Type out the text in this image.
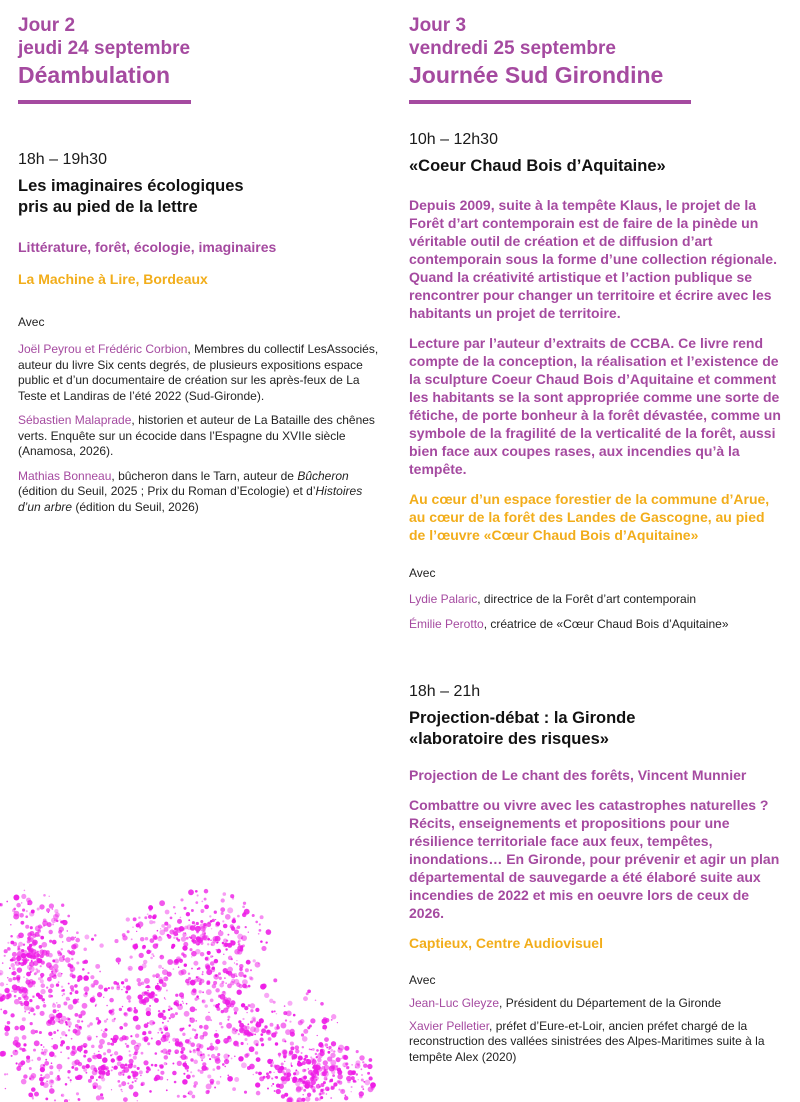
Jour 2
jeudi 24 septembre
Déambulation
18h – 19h30
Les imaginaires écologiques
pris au pied de la lettre
Littérature, forêt, écologie, imaginaires
La Machine à Lire, Bordeaux
Avec
Joël Peyrou et Frédéric Corbion, Membres du collectif LesAssociés, auteur du livre Six cents degrés, de plusieurs expositions espace public et d’un documentaire de création sur les après-feux de La Teste et Landiras de l’été 2022 (Sud-Gironde).
Sébastien Malaprade, historien et auteur de La Bataille des chênes verts. Enquête sur un écocide dans l’Espagne du XVIIe siècle (Anamosa, 2026).
Mathias Bonneau, bûcheron dans le Tarn, auteur de Bûcheron (édition du Seuil, 2025 ; Prix du Roman d’Ecologie) et d’Histoires d’un arbre (édition du Seuil, 2026)
Jour 3
vendredi 25 septembre
Journée Sud Girondine
10h – 12h30
«Coeur Chaud Bois d’Aquitaine»
Depuis 2009, suite à la tempête Klaus, le projet de la Forêt d’art contemporain est de faire de la pinède un véritable outil de création et de diffusion d’art contemporain sous la forme d’une collection régionale. Quand la créativité artistique et l’action publique se rencontrer pour changer un territoire et écrire avec les habitants un projet de territoire.
Lecture par l’auteur d’extraits de CCBA. Ce livre rend compte de la conception, la réalisation et l’existence de la sculpture Coeur Chaud Bois d’Aquitaine et comment les habitants se la sont appropriée comme une sorte de fétiche, de porte bonheur à la forêt dévastée, comme un symbole de la fragilité de la verticalité de la forêt, aussi bien face aux coupes rases, aux incendies qu’à la tempête.
Au cœur d’un espace forestier de la commune d’Arue, au cœur de la forêt des Landes de Gascogne, au pied de l’œuvre «Cœur Chaud Bois d’Aquitaine»
Avec
Lydie Palaric, directrice de la Forêt d’art contemporain
Émilie Perotto, créatrice de «Cœur Chaud Bois d’Aquitaine»
18h – 21h
Projection-débat : la Gironde
«laboratoire des risques»
Projection de Le chant des forêts, Vincent Munnier
Combattre ou vivre avec les catastrophes naturelles ? Récits, enseignements et propositions pour une résilience territoriale face aux feux, tempêtes, inondations… En Gironde, pour prévenir et agir un plan départemental de sauvegarde a été élaboré suite aux incendies de 2022 et mis en oeuvre lors de ceux de 2026.
Captieux, Centre Audiovisuel
Avec
Jean-Luc Gleyze, Président du Département de la Gironde
Xavier Pelletier, préfet d’Eure-et-Loir, ancien préfet chargé de la reconstruction des vallées sinistrées des Alpes-Maritimes suite à la tempête Alex (2020)
